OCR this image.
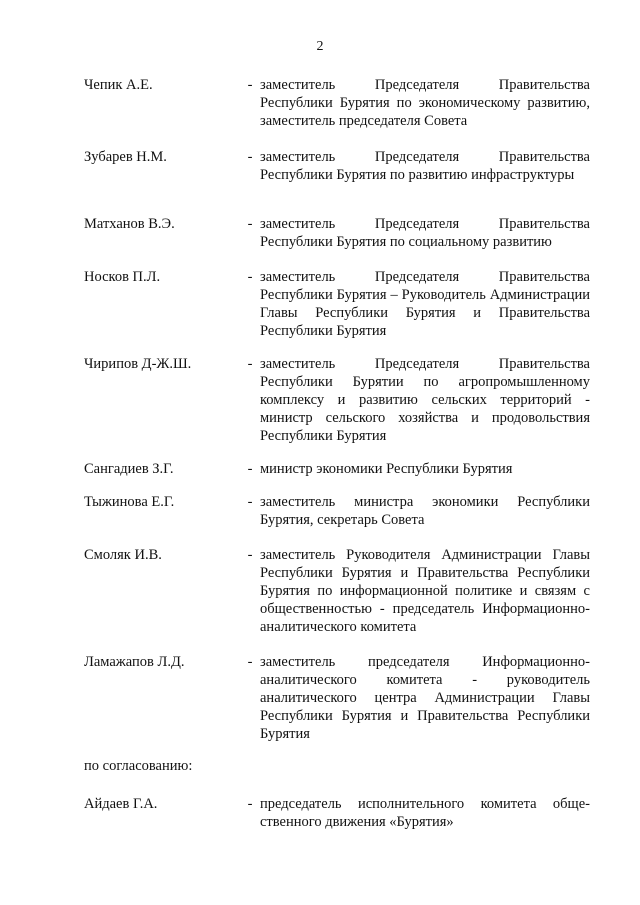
2
Чепик А.Е.	- заместитель Председателя Правительства Республики Бурятия по экономическому развитию, заместитель председателя Совета
Зубарев Н.М.	- заместитель Председателя Правительства Республики Бурятия по развитию инфраструктуры
Матханов В.Э.	- заместитель Председателя Правительства Республики Бурятия по социальному развитию
Носков П.Л.	- заместитель Председателя Правительства Республики Бурятия – Руководитель Администрации Главы Республики Бурятия и Правительства Республики Бурятия
Чирипов Д-Ж.Ш.	- заместитель Председателя Правительства Республики Бурятии по агропромышленному комплексу и развитию сельских территорий - министр сельского хозяйства и продовольствия Республики Бурятия
Сангадиев З.Г.	- министр экономики Республики Бурятия
Тыжинова Е.Г.	- заместитель министра экономики Республики Бурятия, секретарь Совета
Смоляк И.В.	- заместитель Руководителя Администрации Главы Республики Бурятия и Правительства Республики Бурятия по информационной политике и связям с общественностью - председатель Информационно-аналитического комитета
Ламажапов Л.Д.	- заместитель председателя Информационно-аналитического комитета - руководитель аналитического центра Администрации Главы Республики Бурятия и Правительства Республики Бурятия
по согласованию:
Айдаев Г.А.	- председатель исполнительного комитета обще-ственного движения «Бурятия»
